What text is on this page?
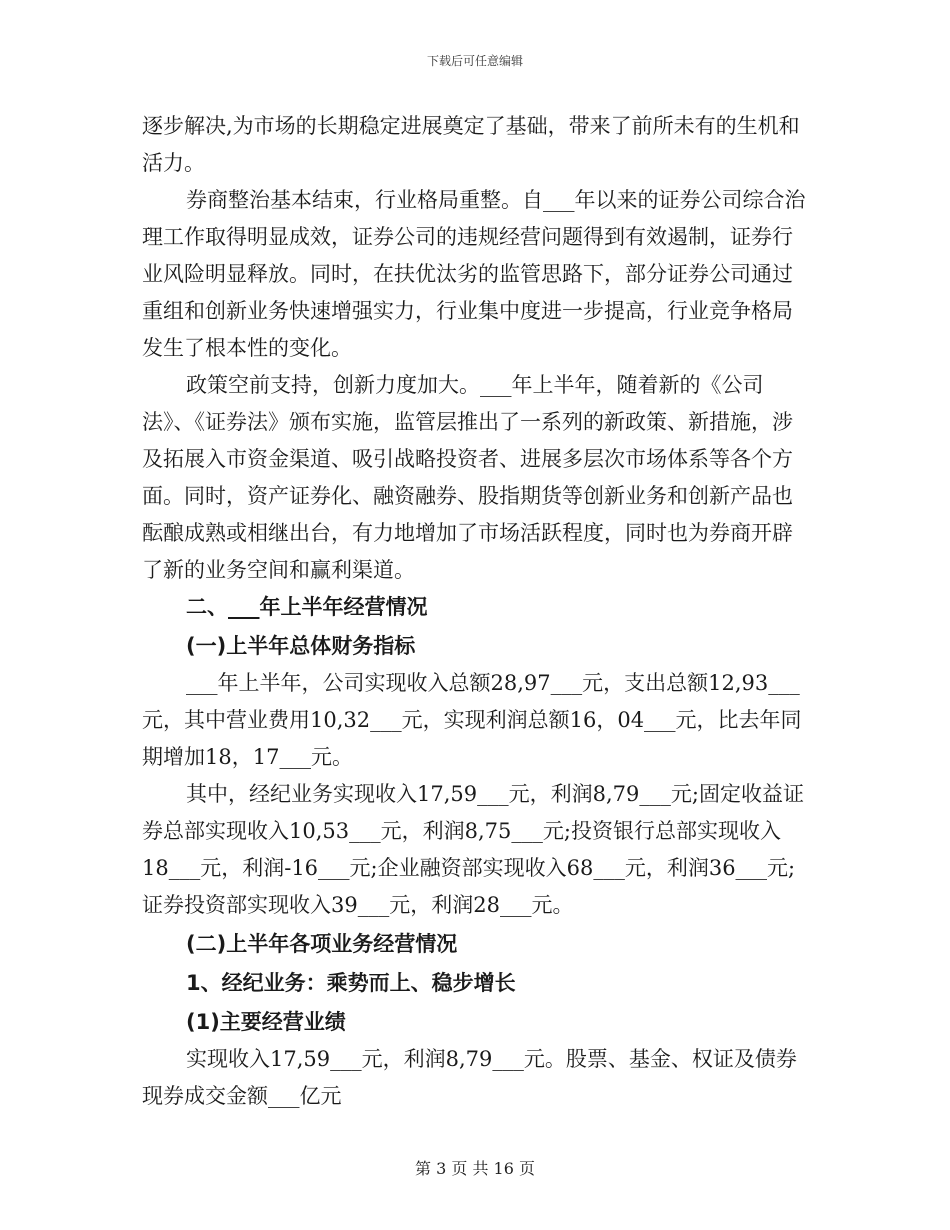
下载后可任意编辑

逐步解决,为市场的长期稳定进展奠定了基础，带来了前所未有的生机和活力。

券商整治基本结束，行业格局重整。自___年以来的证券公司综合治理工作取得明显成效，证券公司的违规经营问题得到有效遏制，证券行业风险明显释放。同时，在扶优汰劣的监管思路下，部分证券公司通过重组和创新业务快速增强实力，行业集中度进一步提高，行业竞争格局发生了根本性的变化。

政策空前支持，创新力度加大。___年上半年，随着新的《公司法》、《证券法》颁布实施，监管层推出了一系列的新政策、新措施，涉及拓展入市资金渠道、吸引战略投资者、进展多层次市场体系等各个方面。同时，资产证券化、融资融券、股指期货等创新业务和创新产品也酝酿成熟或相继出台，有力地增加了市场活跃程度，同时也为券商开辟了新的业务空间和赢利渠道。

二、___年上半年经营情况

(一)上半年总体财务指标

___年上半年，公司实现收入总额28,97___元，支出总额12,93___元，其中营业费用10,32___元，实现利润总额16，04___元，比去年同期增加18，17___元。

其中，经纪业务实现收入17,59___元，利润8,79___元;固定收益证券总部实现收入10,53___元，利润8,75___元;投资银行总部实现收入18___元，利润-16___元;企业融资部实现收入68___元，利润36___元;证券投资部实现收入39___元，利润28___元。

(二)上半年各项业务经营情况

1、经纪业务：乘势而上、稳步增长

(1)主要经营业绩

实现收入17,59___元，利润8,79___元。股票、基金、权证及债券现券成交金额___亿元

第 3 页 共 16 页
